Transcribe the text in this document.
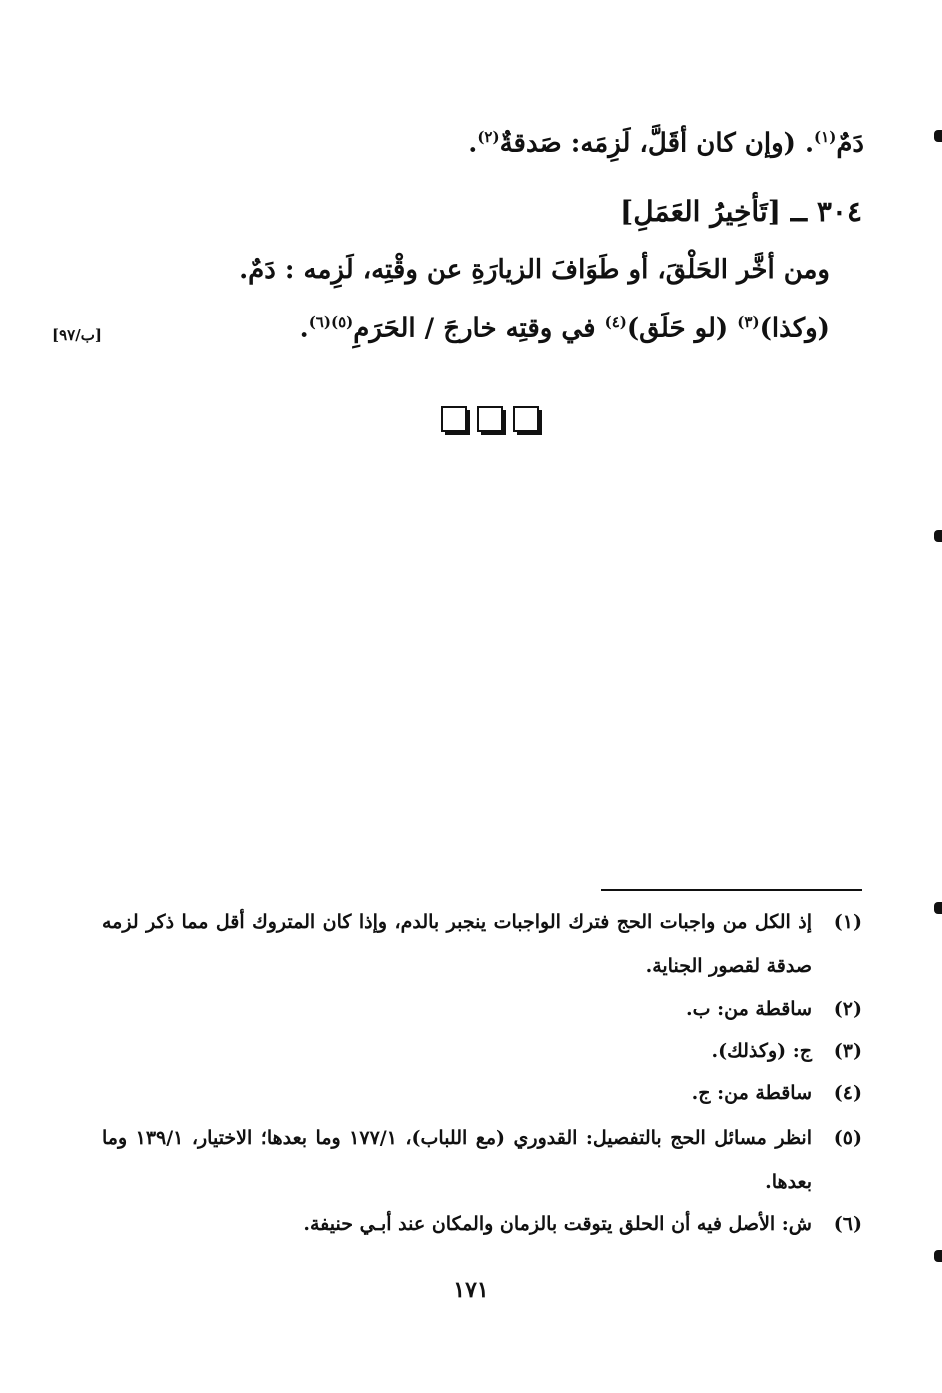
دَمٌ$^{(١)}$. (وإن كان أقَلَّ، لَزِمَه: صَدقةٌ$^{(٢)}$.
٣٠٤ ــ [تَأخِيرُ العَمَلِ]
ومن أخَّر الحَلْقَ، أو طَوَافَ الزيارَةِ عن وقْتِه، لَزِمه : دَمٌ.
(وكذا)$^{(٣)}$ (لو حَلَق)$^{(٤)}$ في وقتِه خارجَ / الحَرَمِ$^{(٥)(٦)}$.
[ب/٩٧]
(١)
إذ الكل من واجبات الحج فترك الواجبات ينجبر بالدم، وإذا كان المتروك أقل مما ذكر لزمه صدقة لقصور الجناية.
(٢)
ساقطة من: ب.
(٣)
ج: (وكذلك).
(٤)
ساقطة من: ج.
(٥)
انظر مسائل الحج بالتفصيل: القدوري (مع اللباب)، ١٧٧/١ وما بعدها؛ الاختيار، ١٣٩/١ وما بعدها.
(٦)
ش: الأصل فيه أن الحلق يتوقت بالزمان والمكان عند أبـي حنيفة.
١٧١
